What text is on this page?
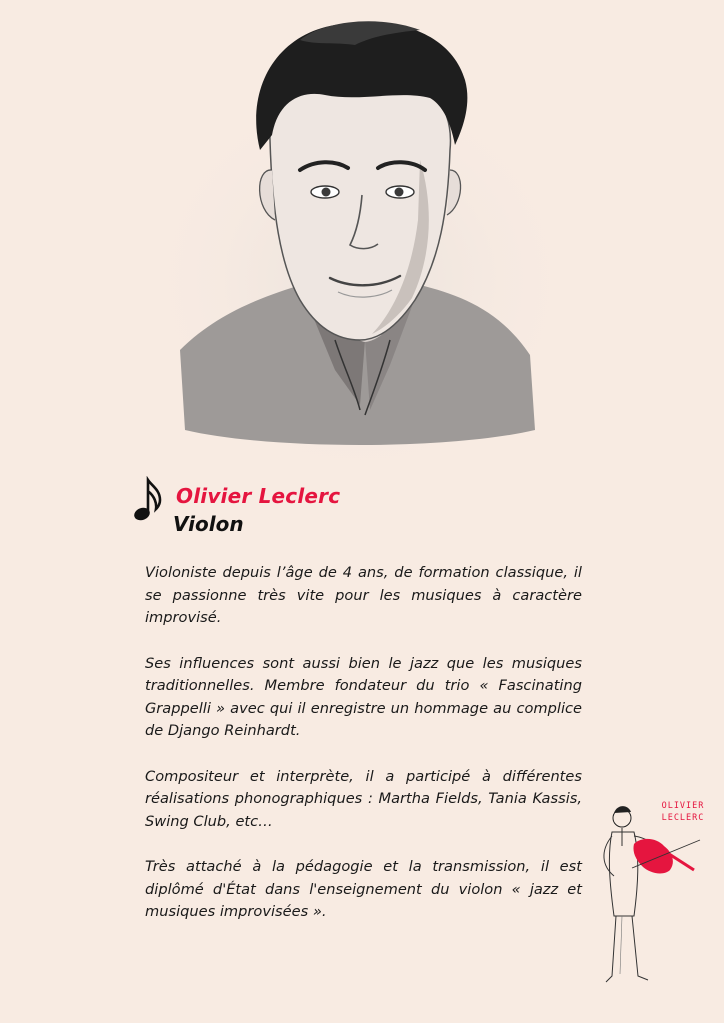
Olivier Leclerc
Violon

Violoniste depuis l’âge de 4 ans, de formation classique, il se passionne très vite pour les musiques à caractère improvisé.

Ses influences sont aussi bien le jazz que les musiques traditionnelles. Membre fondateur du trio « Fascinating Grappelli » avec qui il enregistre un hommage au complice de Django Reinhardt.

Compositeur et interprète, il a participé à différentes réalisations phonographiques : Martha Fields, Tania Kassis, Swing Club, etc…

Très attaché à la pédagogie et la transmission, il est diplômé d'État dans l'enseignement du violon « jazz et musiques improvisées ».

OLIVIER
LECLERC
